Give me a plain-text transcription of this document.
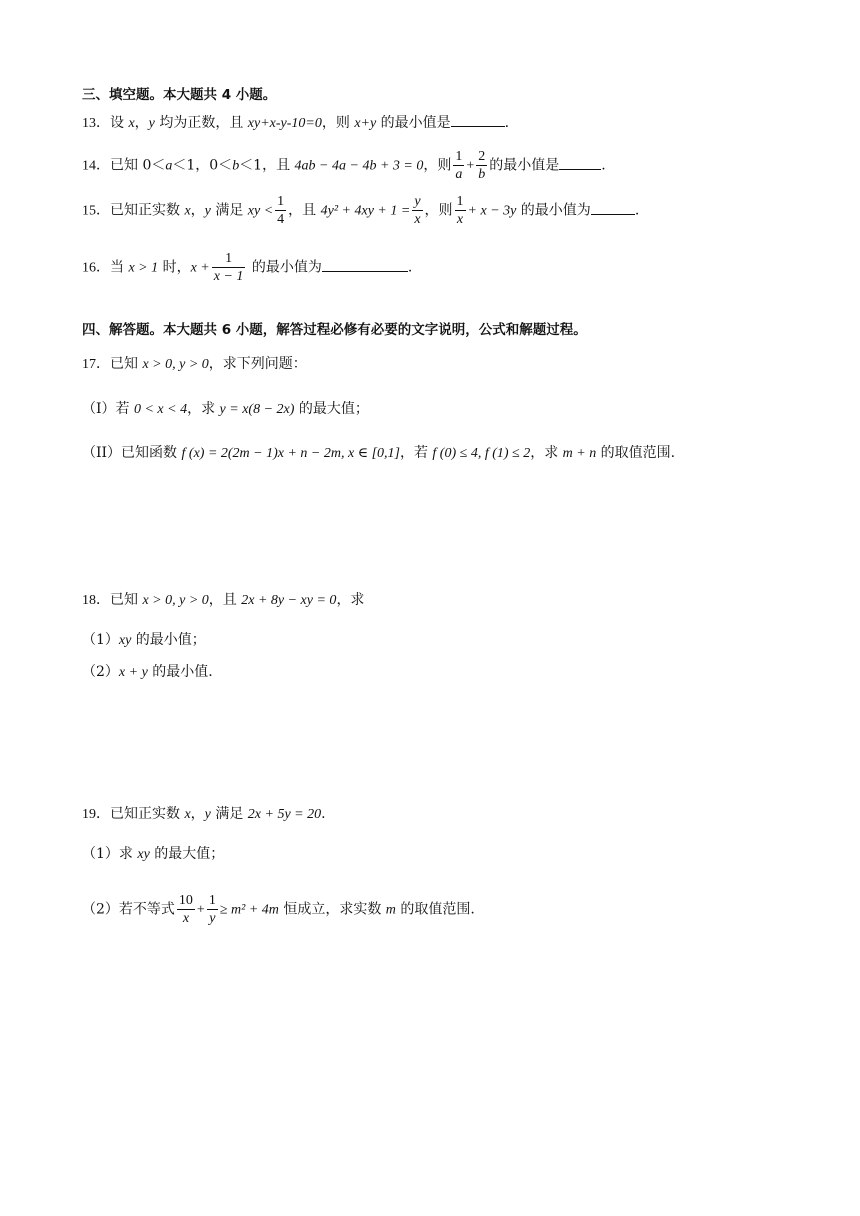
三、填空题。本大题共 4 小题。
13．设 x，y 均为正数，且 xy+x-y-10=0，则 x+y 的最小值是	.
14．已知 0＜a＜1，0＜b＜1，且 4ab − 4a − 4b + 3 = 0，则 $\frac{1}{a} + \frac{2}{b}$ 的最小值是	.
15．已知正实数 x，y 满足 xy < $\frac{1}{4}$ ，且 $4y^2 + 4xy + 1 = \frac{y}{x}$ ，则 $\frac{1}{x} + x - 3y$ 的最小值为	.
16．当 x > 1 时，$x + \frac{1}{x - 1}$ 的最小值为	.
四、解答题。本大题共 6 小题，解答过程必修有必要的文字说明，公式和解题过程。
17．已知 x > 0, y > 0，求下列问题：
（I）若 0 < x < 4，求 y = x(8 − 2x) 的最大值；
（II）已知函数 f (x) = 2(2m − 1)x + n − 2m, x ∈ [0,1]，若 f (0) ≤ 4, f (1) ≤ 2，求 m + n 的取值范围.
18．已知 x > 0, y > 0，且 2x + 8y − xy = 0，求
（1）xy 的最小值；
（2）x + y 的最小值.
19．已知正实数 x，y 满足 2x + 5y = 20.
（1）求 xy 的最大值；
（2）若不等式 $\frac{10}{x} + \frac{1}{y} \ge m^2 + 4m$ 恒成立，求实数 m 的取值范围.
